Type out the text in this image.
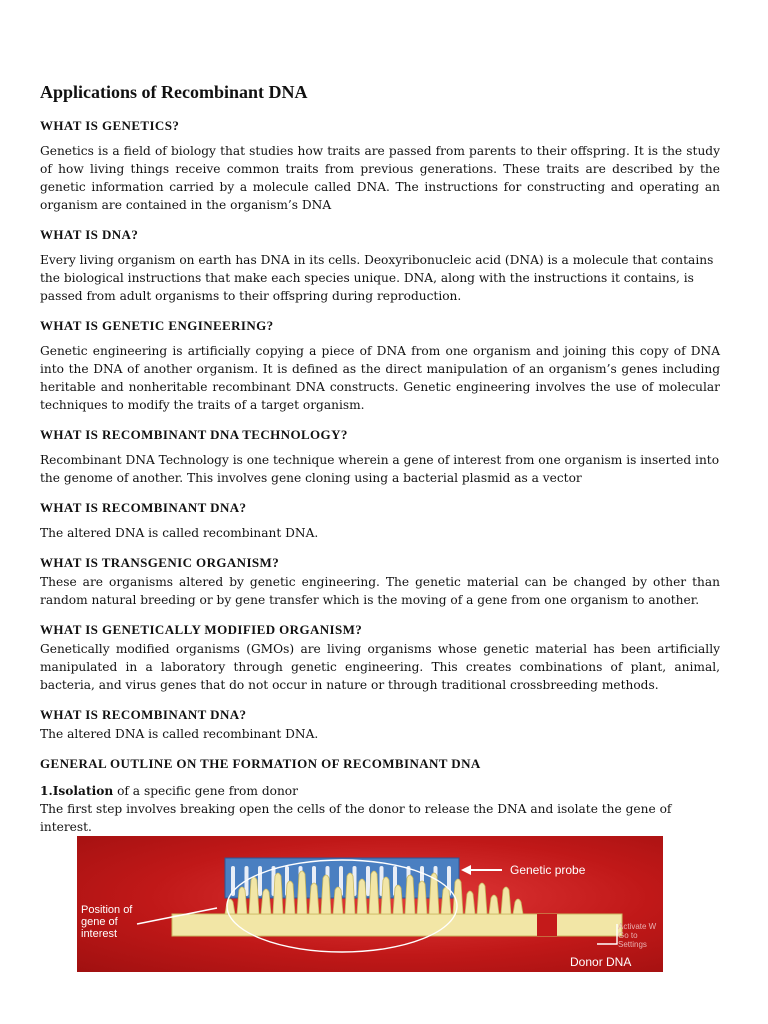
Applications of Recombinant DNA
WHAT IS GENETICS?

Genetics is a field of biology that studies how traits are passed from parents to their offspring. It is the study of how living things receive common traits from previous generations. These traits are described by the genetic information carried by a molecule called DNA. The instructions for constructing and operating an organism are contained in the organism’s DNA

WHAT IS DNA?

Every living organism on earth has DNA in its cells. Deoxyribonucleic acid (DNA) is a molecule that contains the biological instructions that make each species unique. DNA, along with the instructions it contains, is passed from adult organisms to their offspring during reproduction.

WHAT IS GENETIC ENGINEERING?

Genetic engineering is artificially copying a piece of DNA from one organism and joining this copy of DNA into the DNA of another organism. It is defined as the direct manipulation of an organism’s genes including heritable and nonheritable recombinant DNA constructs. Genetic engineering involves the use of molecular techniques to modify the traits of a target organism.

WHAT IS RECOMBINANT DNA TECHNOLOGY?

Recombinant DNA Technology is one technique wherein a gene of interest from one organism is inserted into the genome of another. This involves gene cloning using a bacterial plasmid as a vector

WHAT IS RECOMBINANT DNA?

The altered DNA is called recombinant DNA.

WHAT IS TRANSGENIC ORGANISM?

These are organisms altered by genetic engineering. The genetic material can be changed by other than random natural breeding or by gene transfer which is the moving of a gene from one organism to another.

WHAT IS GENETICALLY MODIFIED ORGANISM?

Genetically modified organisms (GMOs) are living organisms whose genetic material has been artificially manipulated in a laboratory through genetic engineering. This creates combinations of plant, animal, bacteria, and virus genes that do not occur in nature or through traditional crossbreeding methods.

WHAT IS RECOMBINANT DNA?

The altered DNA is called recombinant DNA.

GENERAL OUTLINE ON THE FORMATION OF RECOMBINANT DNA

1.Isolation of a specific gene from donor
The first step involves breaking open the cells of the donor to release the DNA and isolate the gene of interest.

Genetic probe
Position of
gene of
interest
Donor DNA
Activate W
Go to Settings
